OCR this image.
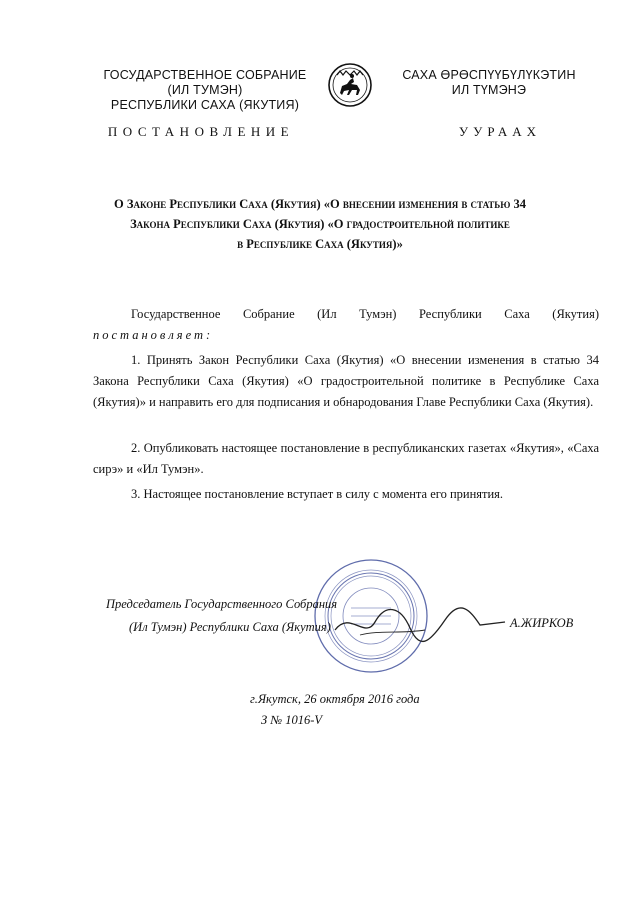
ГОСУДАРСТВЕННОЕ СОБРАНИЕ
(ИЛ ТУМЭН)
РЕСПУБЛИКИ САХА (ЯКУТИЯ)
САХА ӨРӨСПҮҮБҮЛҮКЭТИН
ИЛ ТҮМЭНЭ
ПОСТАНОВЛЕНИЕ	УУРААХ
О Законе Республики Саха (Якутия) «О внесении изменения в статью 34
Закона Республики Саха (Якутия) «О градостроительной политике
в Республике Саха (Якутия)»
Государственное Собрание (Ил Тумэн) Республики Саха (Якутия)
постановляет:
1. Принять Закон Республики Саха (Якутия) «О внесении изменения в статью 34 Закона Республики Саха (Якутия) «О градостроительной политике в Республике Саха (Якутия)» и направить его для подписания и обнародования Главе Республики Саха (Якутия).
2. Опубликовать настоящее постановление в республиканских газетах «Якутия», «Саха сирэ» и «Ил Тумэн».
3. Настоящее постановление вступает в силу с момента его принятия.
Председатель Государственного Собрания
(Ил Тумэн) Республики Саха (Якутия)	А.ЖИРКОВ
г.Якутск, 26 октября 2016 года
З № 1016-V
